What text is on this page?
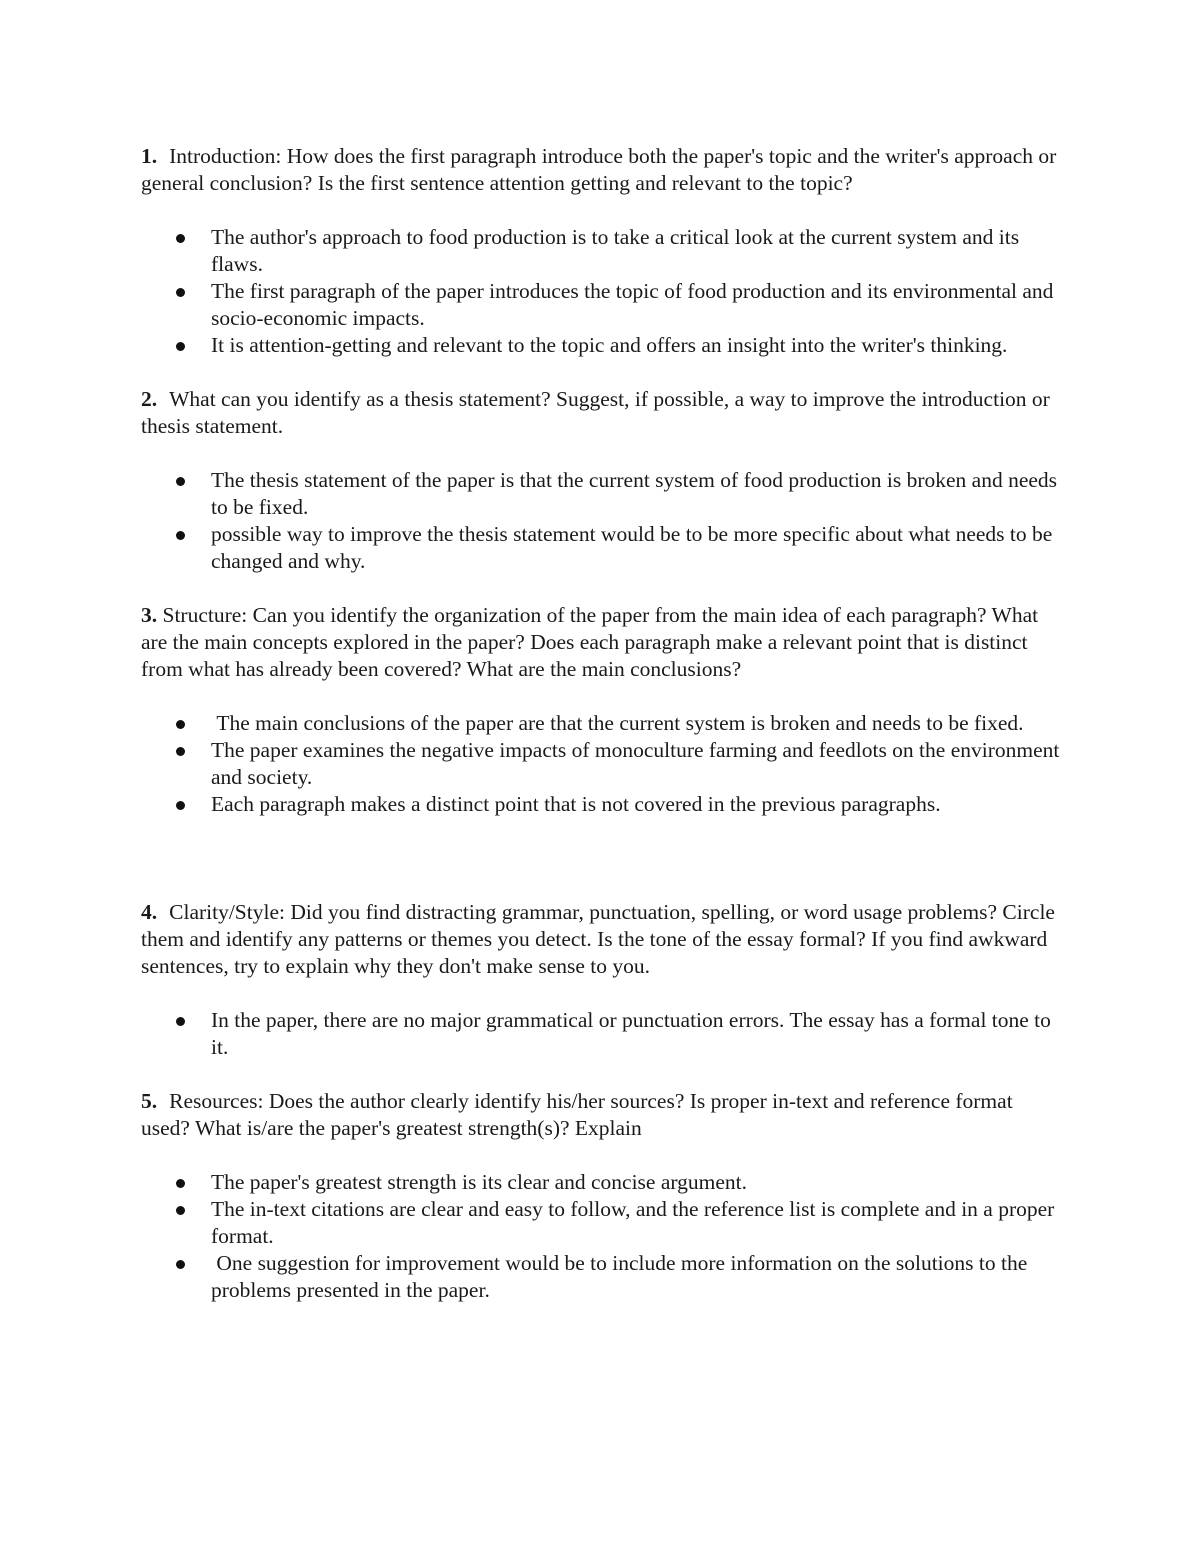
1. Introduction: How does the first paragraph introduce both the paper's topic and the writer's approach or general conclusion? Is the first sentence attention getting and relevant to the topic?

The author's approach to food production is to take a critical look at the current system and its flaws.
The first paragraph of the paper introduces the topic of food production and its environmental and socio-economic impacts.
It is attention-getting and relevant to the topic and offers an insight into the writer's thinking.

2. What can you identify as a thesis statement? Suggest, if possible, a way to improve the introduction or thesis statement.

The thesis statement of the paper is that the current system of food production is broken and needs to be fixed.
possible way to improve the thesis statement would be to be more specific about what needs to be changed and why.

3. Structure: Can you identify the organization of the paper from the main idea of each paragraph? What are the main concepts explored in the paper? Does each paragraph make a relevant point that is distinct from what has already been covered? What are the main conclusions?

The main conclusions of the paper are that the current system is broken and needs to be fixed.
The paper examines the negative impacts of monoculture farming and feedlots on the environment and society.
Each paragraph makes a distinct point that is not covered in the previous paragraphs.

4. Clarity/Style: Did you find distracting grammar, punctuation, spelling, or word usage problems? Circle them and identify any patterns or themes you detect. Is the tone of the essay formal? If you find awkward sentences, try to explain why they don't make sense to you.

In the paper, there are no major grammatical or punctuation errors. The essay has a formal tone to it.

5. Resources: Does the author clearly identify his/her sources? Is proper in-text and reference format used? What is/are the paper's greatest strength(s)? Explain

The paper's greatest strength is its clear and concise argument.
The in-text citations are clear and easy to follow, and the reference list is complete and in a proper format.
One suggestion for improvement would be to include more information on the solutions to the problems presented in the paper.
